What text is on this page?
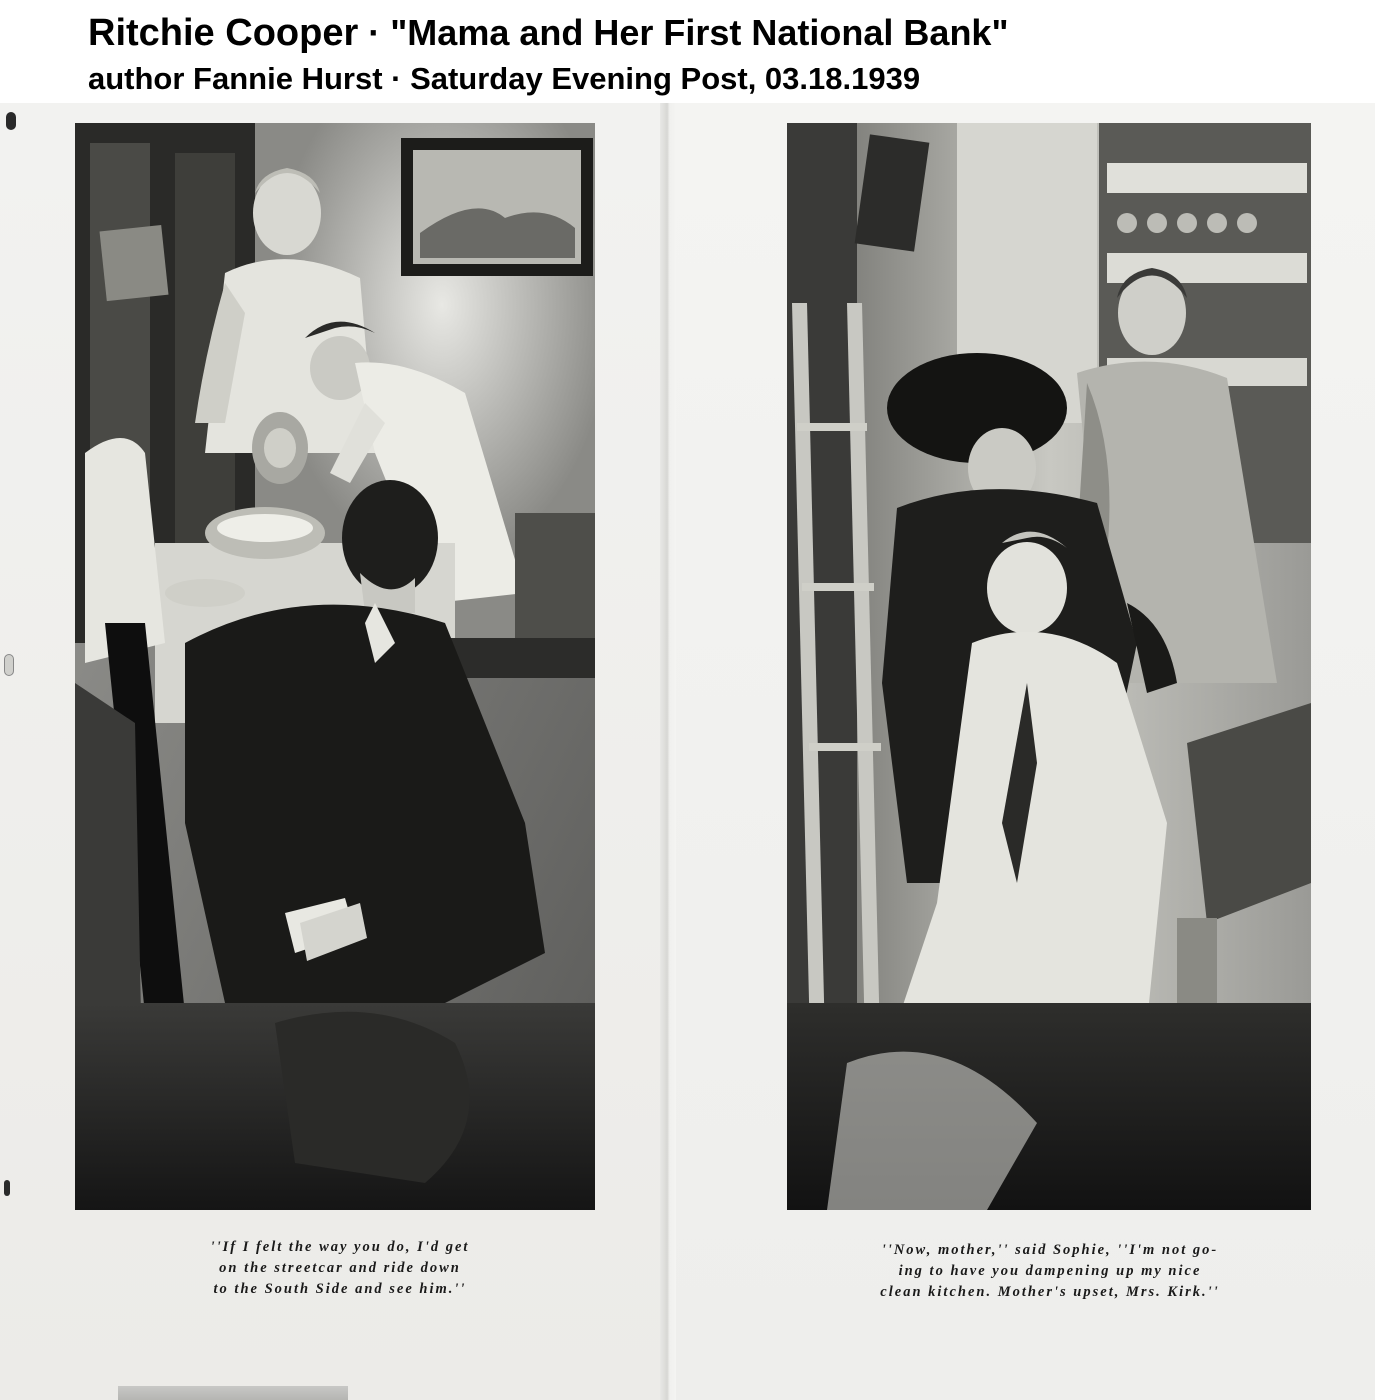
Ritchie Cooper · "Mama and Her First National Bank"
author Fannie Hurst · Saturday Evening Post, 03.18.1939
''If I felt the way you do, I'd get
on the streetcar and ride down
to the South Side and see him.''
''Now, mother,'' said Sophie, ''I'm not go-
ing to have you dampening up my nice
clean kitchen. Mother's upset, Mrs. Kirk.''
